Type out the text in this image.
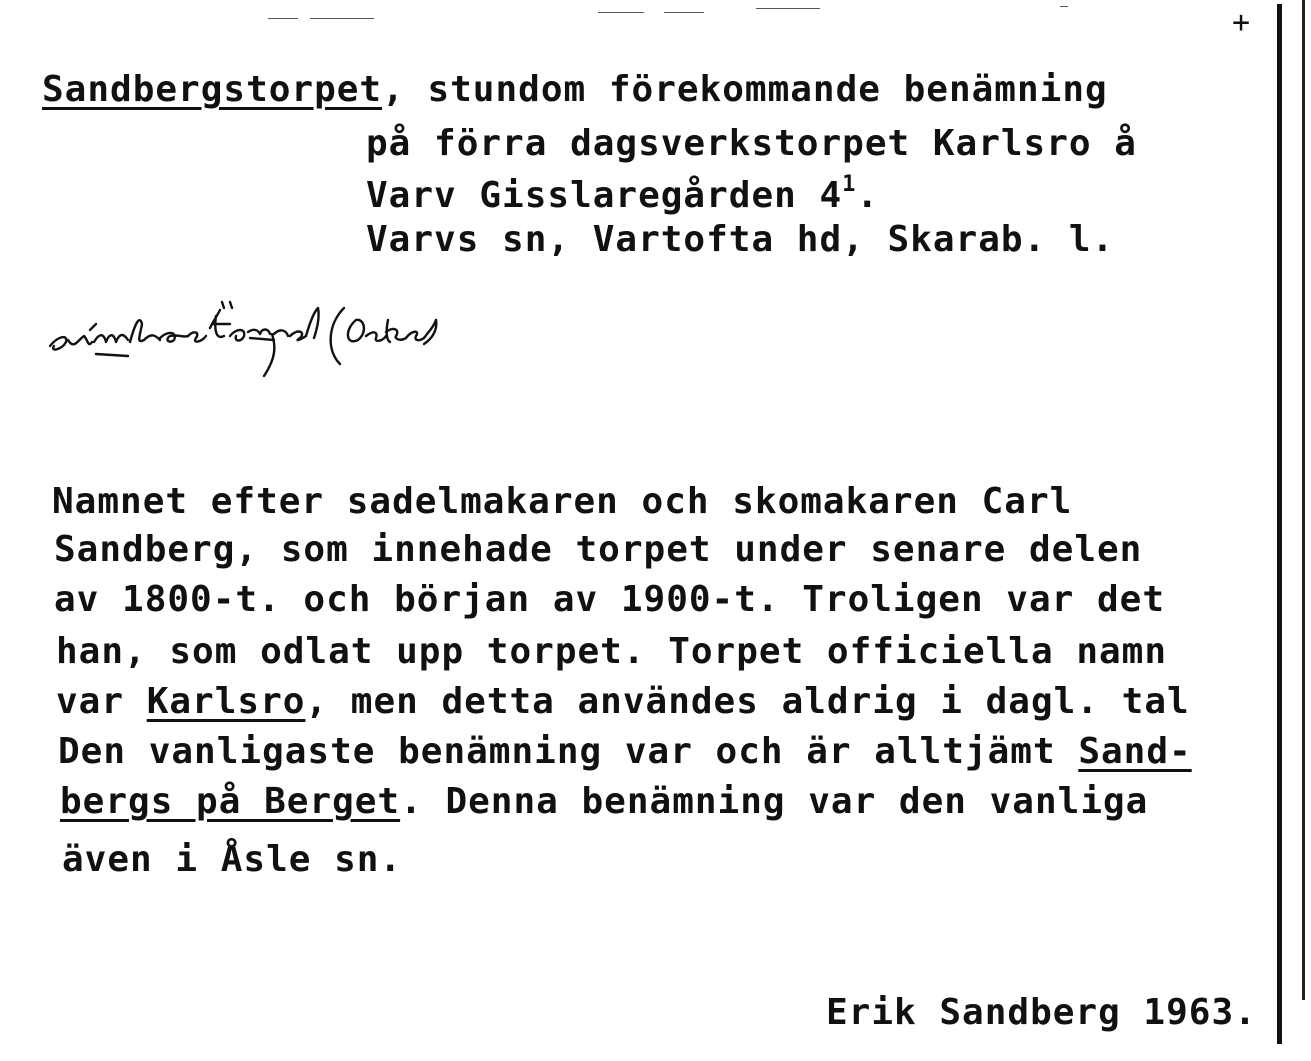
+
Sandbergstorpet, stundom förekommande benämning
på förra dagsverkstorpet Karlsro å
Varv Gisslaregården $4^1$.
Varvs sn, Vartofta hd, Skarab. l.
sàmbærstörpəl (Oskar)
Namnet efter sadelmakaren och skomakaren Carl
Sandberg, som innehade torpet under senare delen
av 1800-t. och början av 1900-t. Troligen var det
han, som odlat upp torpet. Torpet officiella namn
var Karlsro, men detta användes aldrig i dagl. tal
Den vanligaste benämning var och är alltjämt Sand-
bergs på Berget. Denna benämning var den vanliga
även i Åsle sn.
Erik Sandberg 1963.
